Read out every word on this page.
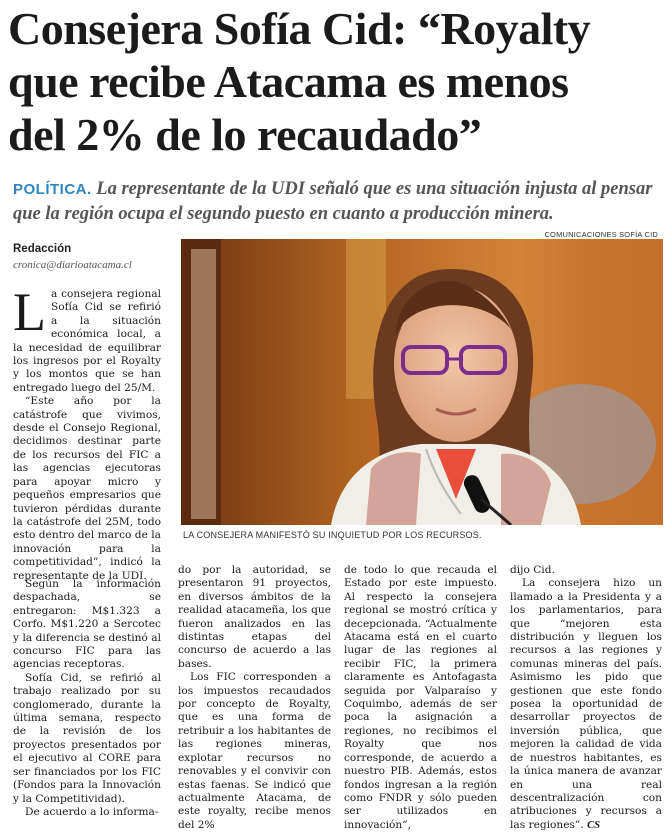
Consejera Sofía Cid: “Royalty
que recibe Atacama es menos
del 2% de lo recaudado”
POLÍTICA. La representante de la UDI señaló que es una situación injusta al pensar que la región ocupa el segundo puesto en cuanto a producción minera.
COMUNICACIONES SOFÍA CID
Redacción
cronica@diarioatacama.cl
LA CONSEJERA MANIFESTÓ SU INQUIETUD POR LOS RECURSOS.

La consejera regional Sofía Cid se refirió a la situación económica local, a la necesidad de equilibrar los ingresos por el Royalty y los montos que se han entregado luego del 25/M.

“Este año por la catástrofe que vivimos, desde el Consejo Regional, decidimos destinar parte de los recursos del FIC a las agencias ejecutoras para apoyar micro y pequeños empresarios que tuvieron pérdidas durante la catástrofe del 25M, todo esto dentro del marco de la innovación para la competitividad”, indicó la representante de la UDI.

Según la información despachada, se entregaron: M$1.323 a Corfo. M$1.220 a Sercotec y la diferencia se destinó al concurso FIC para las agencias receptoras.

Sofía Cid, se refirió al trabajo realizado por su conglomerado, durante la última semana, respecto de la revisión de los proyectos presentados por el ejecutivo al CORE para ser financiados por los FIC (Fondos para la Innovación y la Competitividad).

De acuerdo a lo informa-

do por la autoridad, se presentaron 91 proyectos, en diversos ámbitos de la realidad atacameña, los que fueron analizados en las distintas etapas del concurso de acuerdo a las bases.

Los FIC corresponden a los impuestos recaudados por concepto de Royalty, que es una forma de retribuir a los habitantes de las regiones mineras, explotar recursos no renovables y el convivir con estas faenas. Se indicó que actualmente Atacama, de este royalty, recibe menos del 2%

de todo lo que recauda el Estado por este impuesto. Al respecto la consejera regional se mostró crítica y decepcionada. “Actualmente Atacama está en el cuarto lugar de las regiones al recibir FIC, la primera claramente es Antofagasta seguida por Valparaíso y Coquimbo, además de ser poca la asignación a regiones, no recibimos el Royalty que nos corresponde, de acuerdo a nuestro PIB. Además, estos fondos ingresan a la región como FNDR y sólo pueden ser utilizados en innovación”,

dijo Cid.

La consejera hizo un llamado a la Presidenta y a los parlamentarios, para que “mejoren esta distribución y lleguen los recursos a las regiones y comunas mineras del país. Asimismo les pido que gestionen que este fondo posea la oportunidad de desarrollar proyectos de inversión pública, que mejoren la calidad de vida de nuestros habitantes, es la única manera de avanzar en una real descentralización con atribuciones y recursos a las regiones”. CS
